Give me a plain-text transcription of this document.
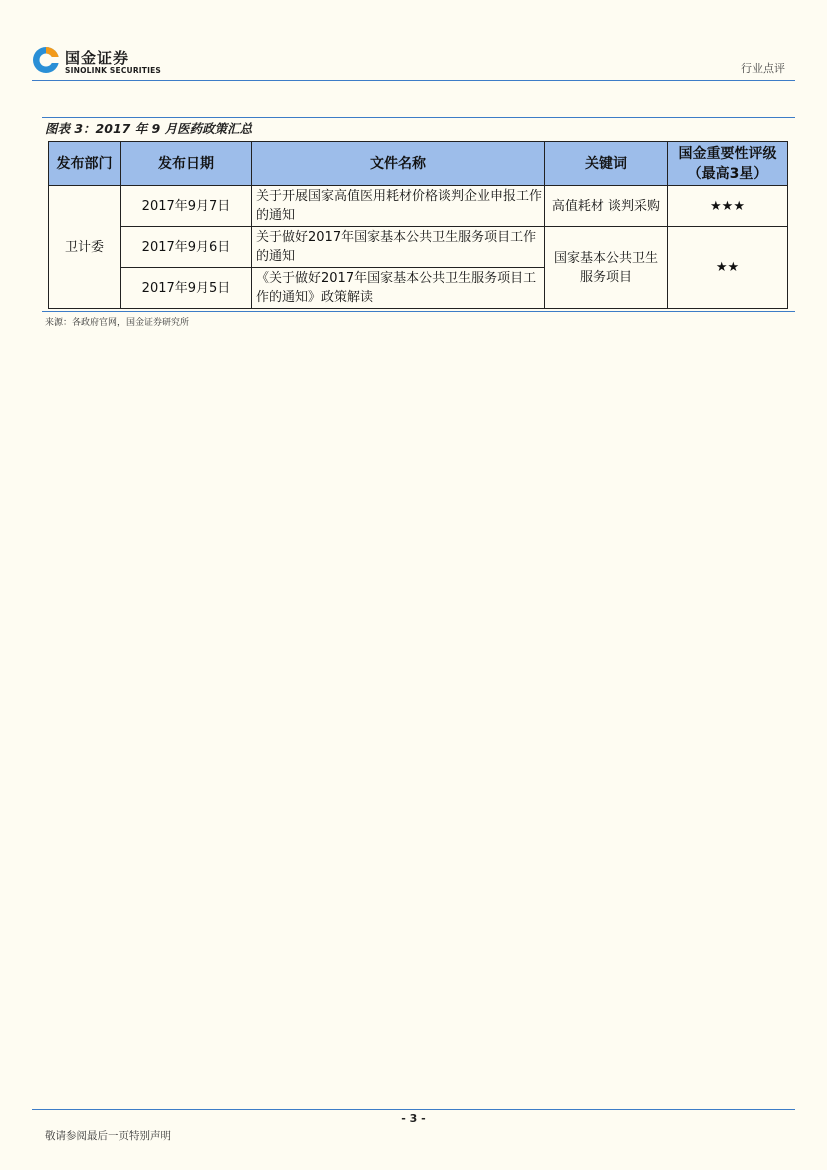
国金证券
SINOLINK SECURITIES	行业点评
图表 3：2017 年 9 月医药政策汇总
发布部门	发布日期	文件名称	关键词	国金重要性评级
（最高3星）
卫计委	2017年9月7日	关于开展国家高值医用耗材价格谈判企业申报工作的通知	高值耗材 谈判采购	★★★
	2017年9月6日	关于做好2017年国家基本公共卫生服务项目工作的通知	国家基本公共卫生服务项目	★★
	2017年9月5日	《关于做好2017年国家基本公共卫生服务项目工作的通知》政策解读		
来源：各政府官网，国金证券研究所
- 3 -
敬请参阅最后一页特别声明
